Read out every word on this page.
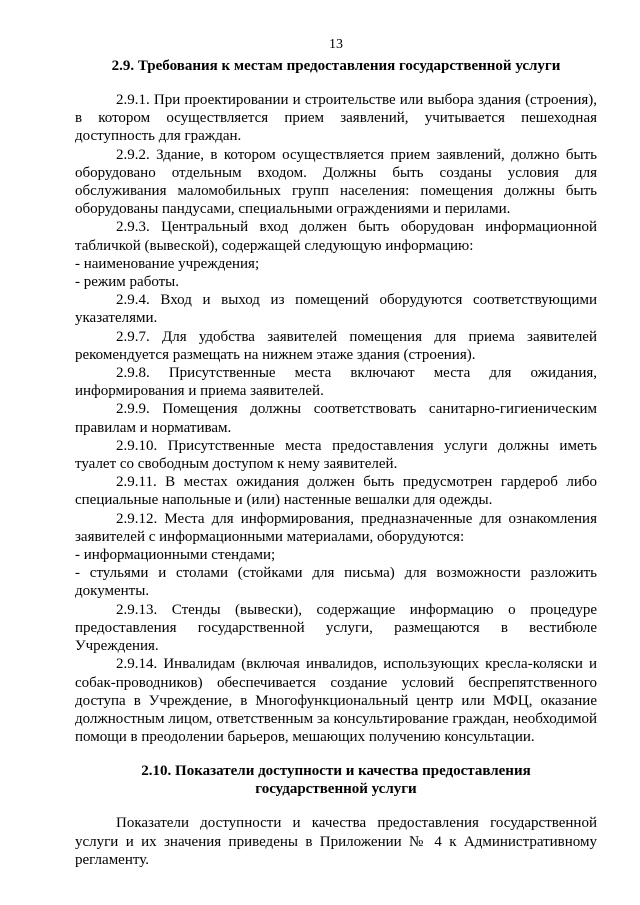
13

2.9. Требования к местам предоставления государственной услуги

2.9.1. При проектировании и строительстве или выбора здания (строения), в котором осуществляется прием заявлений, учитывается пешеходная доступность для граждан.

2.9.2. Здание, в котором осуществляется прием заявлений, должно быть оборудовано отдельным входом. Должны быть созданы условия для обслуживания маломобильных групп населения: помещения должны быть оборудованы пандусами, специальными ограждениями и перилами.

2.9.3. Центральный вход должен быть оборудован информационной табличкой (вывеской), содержащей следующую информацию:

- наименование учреждения;

- режим работы.

2.9.4. Вход и выход из помещений оборудуются соответствующими указателями.

2.9.7. Для удобства заявителей помещения для приема заявителей рекомендуется размещать на нижнем этаже здания (строения).

2.9.8. Присутственные места включают места для ожидания, информирования и приема заявителей.

2.9.9. Помещения должны соответствовать санитарно-гигиеническим правилам и нормативам.

2.9.10. Присутственные места предоставления услуги должны иметь туалет со свободным доступом к нему заявителей.

2.9.11. В местах ожидания должен быть предусмотрен гардероб либо специальные напольные и (или) настенные вешалки для одежды.

2.9.12. Места для информирования, предназначенные для ознакомления заявителей с информационными материалами, оборудуются:

- информационными стендами;

- стульями и столами (стойками для письма) для возможности разложить документы.

2.9.13. Стенды (вывески), содержащие информацию о процедуре предоставления государственной услуги, размещаются в вестибюле Учреждения.

2.9.14. Инвалидам (включая инвалидов, использующих кресла-коляски и собак-проводников) обеспечивается создание условий беспрепятственного доступа в Учреждение, в Многофункциональный центр или МФЦ, оказание должностным лицом, ответственным за консультирование граждан, необходимой помощи в преодолении барьеров, мешающих получению консультации.

2.10. Показатели доступности и качества предоставления
государственной услуги

Показатели доступности и качества предоставления государственной услуги и их значения приведены в Приложении № 4 к Административному регламенту.
